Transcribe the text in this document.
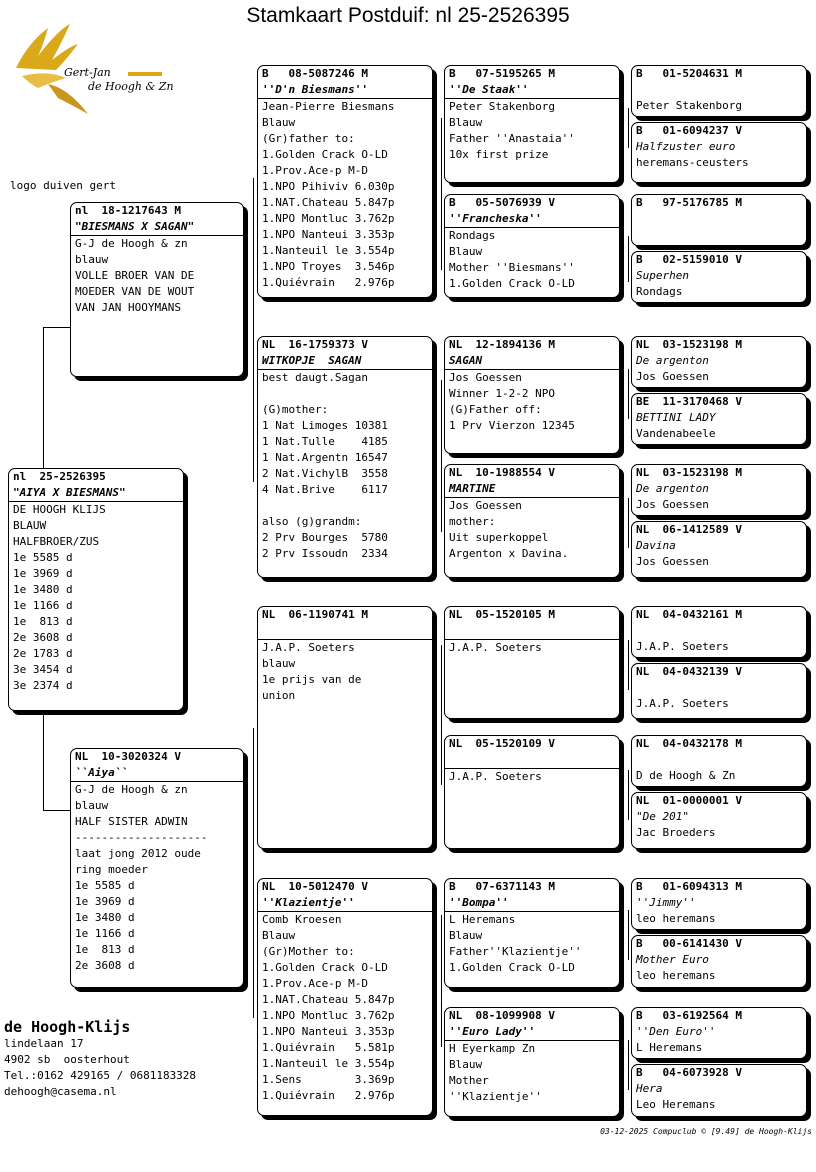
Stamkaart Postduif: nl 25-2526395
Gert-Jan
de Hoogh & Zn
logo duiven gert
nl  25-2526395
"AIYA X BIESMANS"
DE HOOGH KLIJS
BLAUW
HALFBROER/ZUS
1e 5585 d
1e 3969 d
1e 3480 d
1e 1166 d
1e  813 d
2e 3608 d
2e 1783 d
3e 3454 d
3e 2374 d
nl  18-1217643 M
"BIESMANS X SAGAN"
G-J de Hoogh & zn
blauw
VOLLE BROER VAN DE
MOEDER VAN DE WOUT
VAN JAN HOOYMANS
NL  10-3020324 V
``Aiya``
G-J de Hoogh & zn
blauw
HALF SISTER ADWIN
--------------------
laat jong 2012 oude
ring moeder
1e 5585 d
1e 3969 d
1e 3480 d
1e 1166 d
1e  813 d
2e 3608 d
B   08-5087246 M
''D'n Biesmans''
Jean-Pierre Biesmans
Blauw
(Gr)father to:
1.Golden Crack O-LD
1.Prov.Ace-p M-D
1.NPO Pihiviv 6.030p
1.NAT.Chateau 5.847p
1.NPO Montluc 3.762p
1.NPO Nanteui 3.353p
1.Nanteuil le 3.554p
1.NPO Troyes  3.546p
1.Quiévrain   2.976p
NL  16-1759373 V
WITKOPJE  SAGAN
best daugt.Sagan
(G)mother:
1 Nat Limoges 10381
1 Nat.Tulle    4185
1 Nat.Argentn 16547
2 Nat.VichylB  3558
4 Nat.Brive    6117
also (g)grandm:
2 Prv Bourges  5780
2 Prv Issoudn  2334
NL  06-1190741 M
J.A.P. Soeters
blauw
1e prijs van de
union
NL  10-5012470 V
''Klazientje''
Comb Kroesen
Blauw
(Gr)Mother to:
1.Golden Crack O-LD
1.Prov.Ace-p M-D
1.NAT.Chateau 5.847p
1.NPO Montluc 3.762p
1.NPO Nanteui 3.353p
1.Quiévrain   5.581p
1.Nanteuil le 3.554p
1.Sens        3.369p
1.Quiévrain   2.976p
B   07-5195265 M
''De Staak''
Peter Stakenborg
Blauw
Father ''Anastaia''
10x first prize
B   05-5076939 V
''Francheska''
Rondags
Blauw
Mother ''Biesmans''
1.Golden Crack O-LD
NL  12-1894136 M
SAGAN
Jos Goessen
Winner 1-2-2 NPO
(G)Father off:
1 Prv Vierzon 12345
NL  10-1988554 V
MARTINE
Jos Goessen
mother:
Uit superkoppel
Argenton x Davina.
NL  05-1520105 M
J.A.P. Soeters
NL  05-1520109 V
J.A.P. Soeters
B   07-6371143 M
''Bompa''
L Heremans
Blauw
Father''Klazientje''
1.Golden Crack O-LD
NL  08-1099908 V
''Euro Lady''
H Eyerkamp Zn
Blauw
Mother
''Klazientje''
B   01-5204631 M
Peter Stakenborg
B   01-6094237 V
Halfzuster euro
heremans-ceusters
B   97-5176785 M
B   02-5159010 V
Superhen
Rondags
NL  03-1523198 M
De argenton
Jos Goessen
BE  11-3170468 V
BETTINI LADY
Vandenabeele
NL  03-1523198 M
De argenton
Jos Goessen
NL  06-1412589 V
Davina
Jos Goessen
NL  04-0432161 M
J.A.P. Soeters
NL  04-0432139 V
J.A.P. Soeters
NL  04-0432178 M
D de Hoogh & Zn
NL  01-0000001 V
"De 201"
Jac Broeders
B   01-6094313 M
''Jimmy''
leo heremans
B   00-6141430 V
Mother Euro
leo heremans
B   03-6192564 M
''Den Euro''
L Heremans
B   04-6073928 V
Hera
Leo Heremans
de Hoogh-Klijs
lindelaan 17
4902 sb  oosterhout
Tel.:0162 429165 / 0681183328
dehoogh@casema.nl
03-12-2025 Compuclub © [9.49] de Hoogh-Klijs
